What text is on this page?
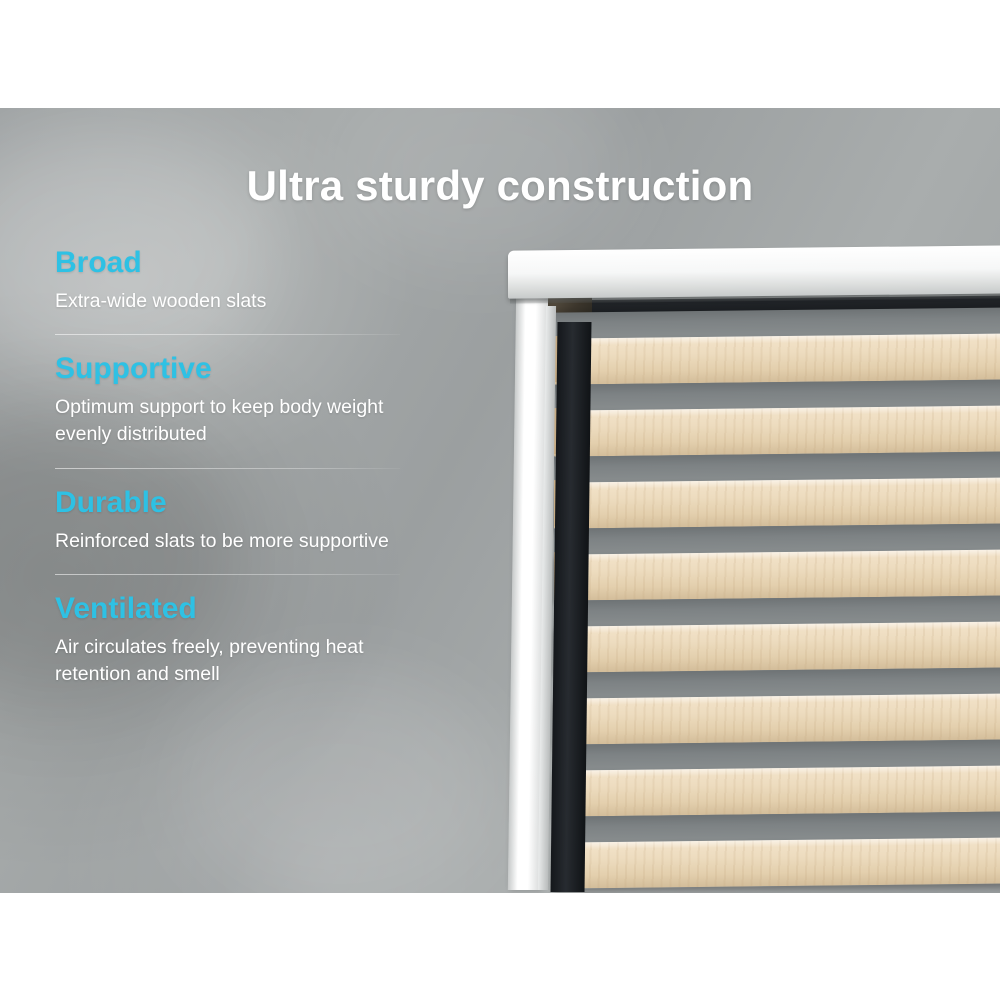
Ultra sturdy construction
Broad
Extra-wide wooden slats
Supportive
Optimum support to keep body weight evenly distributed
Durable
Reinforced slats to be more supportive
Ventilated
Air circulates freely, preventing heat retention and smell
